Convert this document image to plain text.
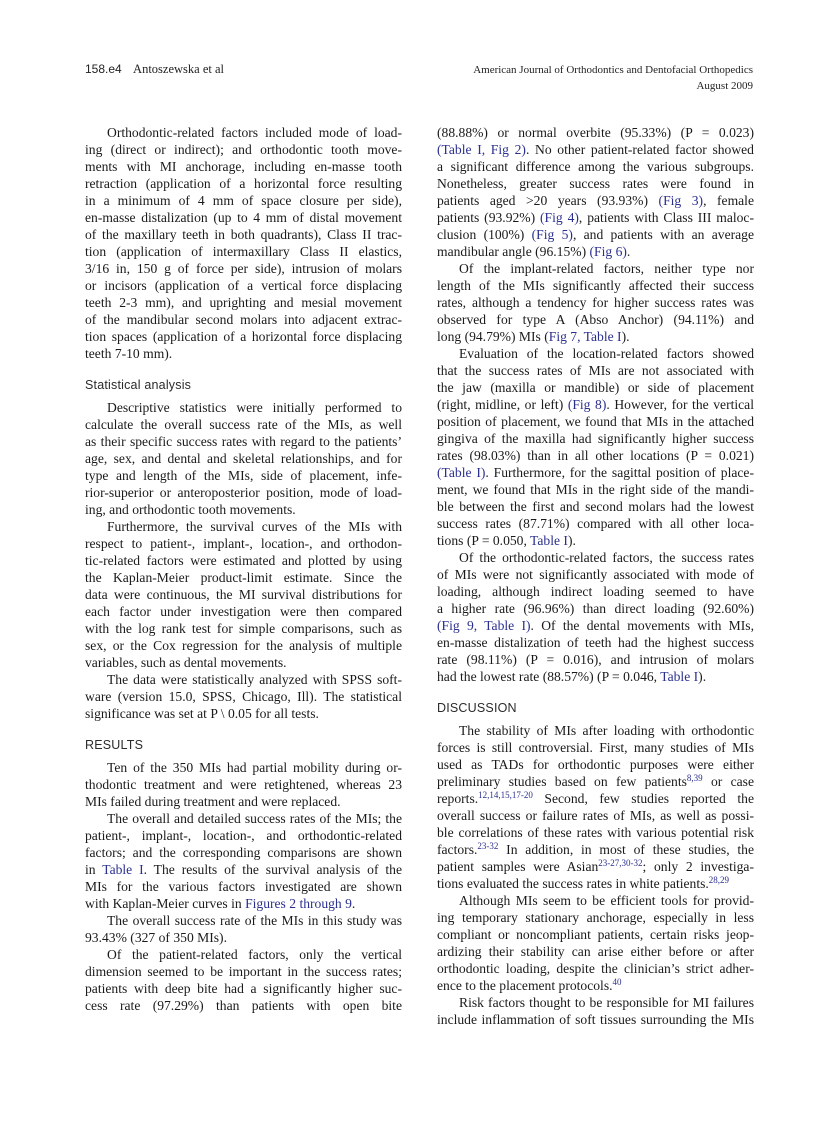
158.e4 Antoszewska et al	American Journal of Orthodontics and Dentofacial Orthopedics
August 2009
Orthodontic-related factors included mode of load-
ing (direct or indirect); and orthodontic tooth move-
ments with MI anchorage, including en-masse tooth
retraction (application of a horizontal force resulting
in a minimum of 4 mm of space closure per side),
en-masse distalization (up to 4 mm of distal movement
of the maxillary teeth in both quadrants), Class II trac-
tion (application of intermaxillary Class II elastics,
3/16 in, 150 g of force per side), intrusion of molars
or incisors (application of a vertical force displacing
teeth 2-3 mm), and uprighting and mesial movement
of the mandibular second molars into adjacent extrac-
tion spaces (application of a horizontal force displacing
teeth 7-10 mm).
Statistical analysis
Descriptive statistics were initially performed to
calculate the overall success rate of the MIs, as well
as their specific success rates with regard to the patients’
age, sex, and dental and skeletal relationships, and for
type and length of the MIs, side of placement, infe-
rior-superior or anteroposterior position, mode of load-
ing, and orthodontic tooth movements.
Furthermore, the survival curves of the MIs with
respect to patient-, implant-, location-, and orthodon-
tic-related factors were estimated and plotted by using
the Kaplan-Meier product-limit estimate. Since the
data were continuous, the MI survival distributions for
each factor under investigation were then compared
with the log rank test for simple comparisons, such as
sex, or the Cox regression for the analysis of multiple
variables, such as dental movements.
The data were statistically analyzed with SPSS soft-
ware (version 15.0, SPSS, Chicago, Ill). The statistical
significance was set at P \ 0.05 for all tests.
RESULTS
Ten of the 350 MIs had partial mobility during or-
thodontic treatment and were retightened, whereas 23
MIs failed during treatment and were replaced.
The overall and detailed success rates of the MIs; the
patient-, implant-, location-, and orthodontic-related
factors; and the corresponding comparisons are shown
in Table I. The results of the survival analysis of the
MIs for the various factors investigated are shown
with Kaplan-Meier curves in Figures 2 through 9.
The overall success rate of the MIs in this study was
93.43% (327 of 350 MIs).
Of the patient-related factors, only the vertical
dimension seemed to be important in the success rates;
patients with deep bite had a significantly higher suc-
cess rate (97.29%) than patients with open bite
(88.88%) or normal overbite (95.33%) (P = 0.023)
(Table I, Fig 2). No other patient-related factor showed
a significant difference among the various subgroups.
Nonetheless, greater success rates were found in
patients aged >20 years (93.93%) (Fig 3), female
patients (93.92%) (Fig 4), patients with Class III maloc-
clusion (100%) (Fig 5), and patients with an average
mandibular angle (96.15%) (Fig 6).
Of the implant-related factors, neither type nor
length of the MIs significantly affected their success
rates, although a tendency for higher success rates was
observed for type A (Abso Anchor) (94.11%) and
long (94.79%) MIs (Fig 7, Table I).
Evaluation of the location-related factors showed
that the success rates of MIs are not associated with
the jaw (maxilla or mandible) or side of placement
(right, midline, or left) (Fig 8). However, for the vertical
position of placement, we found that MIs in the attached
gingiva of the maxilla had significantly higher success
rates (98.03%) than in all other locations (P = 0.021)
(Table I). Furthermore, for the sagittal position of place-
ment, we found that MIs in the right side of the mandi-
ble between the first and second molars had the lowest
success rates (87.71%) compared with all other loca-
tions (P = 0.050, Table I).
Of the orthodontic-related factors, the success rates
of MIs were not significantly associated with mode of
loading, although indirect loading seemed to have
a higher rate (96.96%) than direct loading (92.60%)
(Fig 9, Table I). Of the dental movements with MIs,
en-masse distalization of teeth had the highest success
rate (98.11%) (P = 0.016), and intrusion of molars
had the lowest rate (88.57%) (P = 0.046, Table I).
DISCUSSION
The stability of MIs after loading with orthodontic
forces is still controversial. First, many studies of MIs
used as TADs for orthodontic purposes were either
preliminary studies based on few patients$^{8,39}$ or case
reports.$^{12,14,15,17-20}$ Second, few studies reported the
overall success or failure rates of MIs, as well as possi-
ble correlations of these rates with various potential risk
factors.$^{23-32}$ In addition, in most of these studies, the
patient samples were Asian$^{23-27,30-32}$; only 2 investiga-
tions evaluated the success rates in white patients.$^{28,29}$
Although MIs seem to be efficient tools for provid-
ing temporary stationary anchorage, especially in less
compliant or noncompliant patients, certain risks jeop-
ardizing their stability can arise either before or after
orthodontic loading, despite the clinician’s strict adher-
ence to the placement protocols.$^{40}$
Risk factors thought to be responsible for MI failures
include inflammation of soft tissues surrounding the MIs
